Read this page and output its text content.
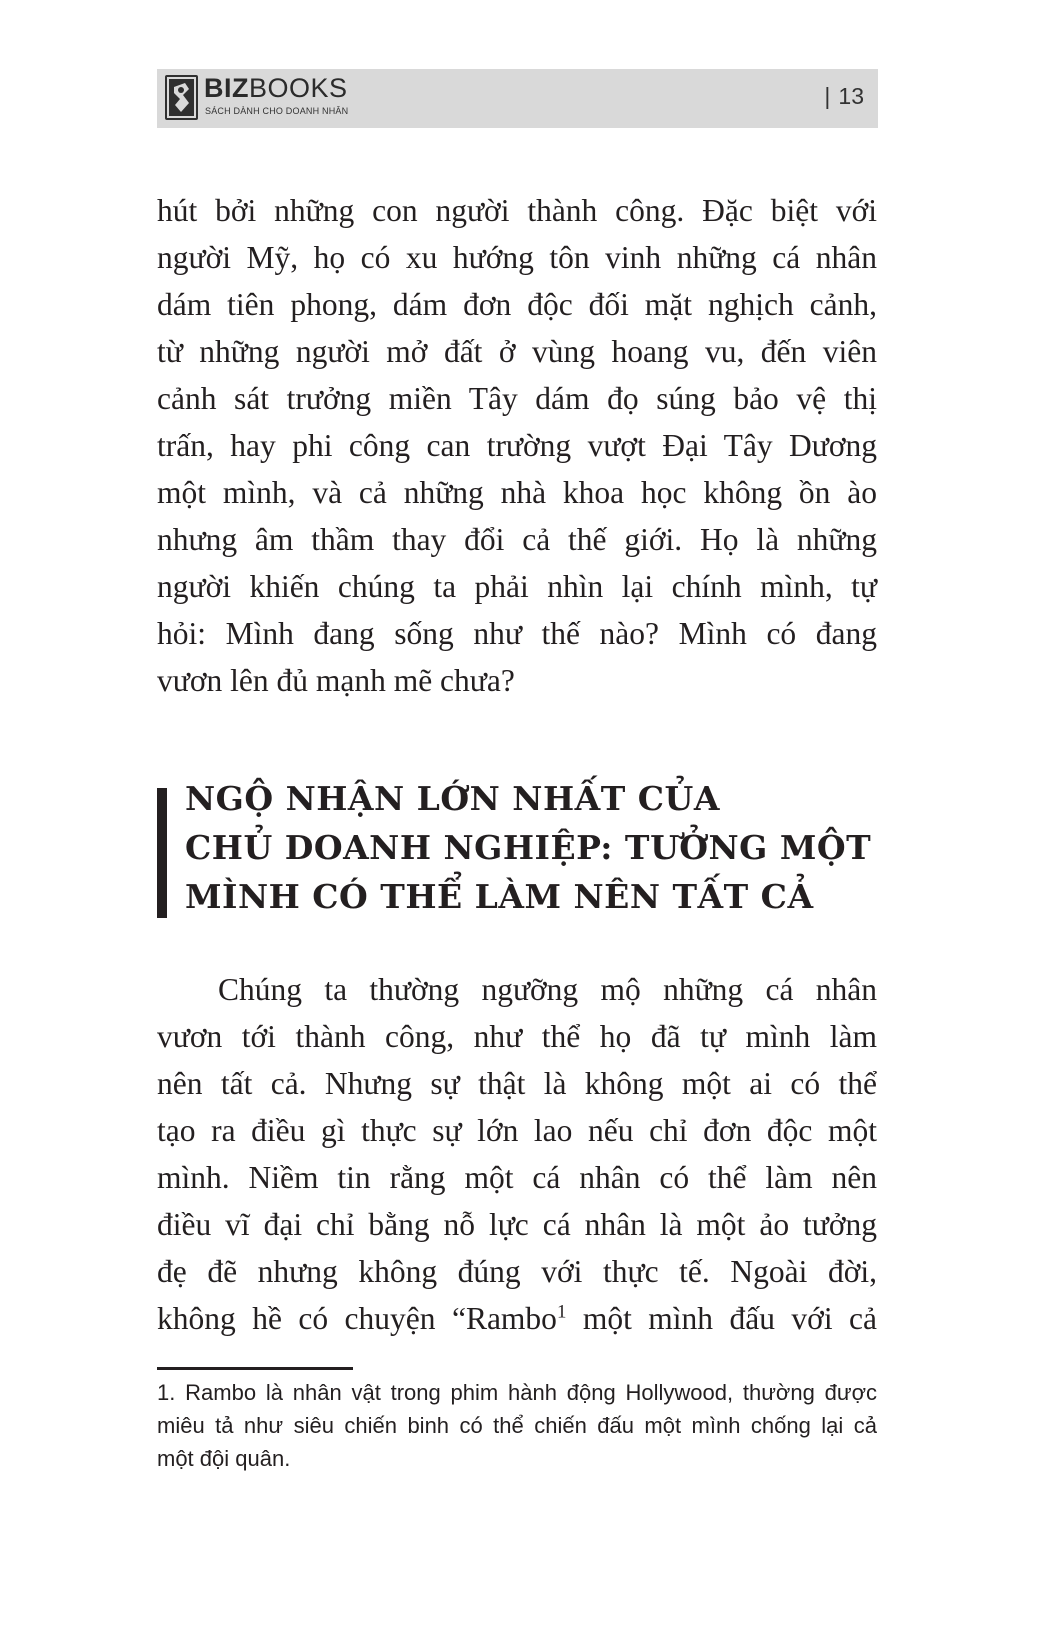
BIZBOOKS
SÁCH DÀNH CHO DOANH NHÂN
| 13

hút bởi những con người thành công. Đặc biệt với
người Mỹ, họ có xu hướng tôn vinh những cá nhân
dám tiên phong, dám đơn độc đối mặt nghịch cảnh,
từ những người mở đất ở vùng hoang vu, đến viên
cảnh sát trưởng miền Tây dám đọ súng bảo vệ thị
trấn, hay phi công can trường vượt Đại Tây Dương
một mình, và cả những nhà khoa học không ồn ào
nhưng âm thầm thay đổi cả thế giới. Họ là những
người khiến chúng ta phải nhìn lại chính mình, tự
hỏi: Mình đang sống như thế nào? Mình có đang
vươn lên đủ mạnh mẽ chưa?

NGỘ NHẬN LỚN NHẤT CỦA
CHỦ DOANH NGHIỆP: TƯỞNG MỘT
MÌNH CÓ THỂ LÀM NÊN TẤT CẢ

Chúng ta thường ngưỡng mộ những cá nhân
vươn tới thành công, như thể họ đã tự mình làm
nên tất cả. Nhưng sự thật là không một ai có thể
tạo ra điều gì thực sự lớn lao nếu chỉ đơn độc một
mình. Niềm tin rằng một cá nhân có thể làm nên
điều vĩ đại chỉ bằng nỗ lực cá nhân là một ảo tưởng
đẹ đẽ nhưng không đúng với thực tế. Ngoài đời,
không hề có chuyện “Rambo$^1$ một mình đấu với cả

1. Rambo là nhân vật trong phim hành động Hollywood, thường được
miêu tả như siêu chiến binh có thể chiến đấu một mình chống lại cả
một đội quân.
